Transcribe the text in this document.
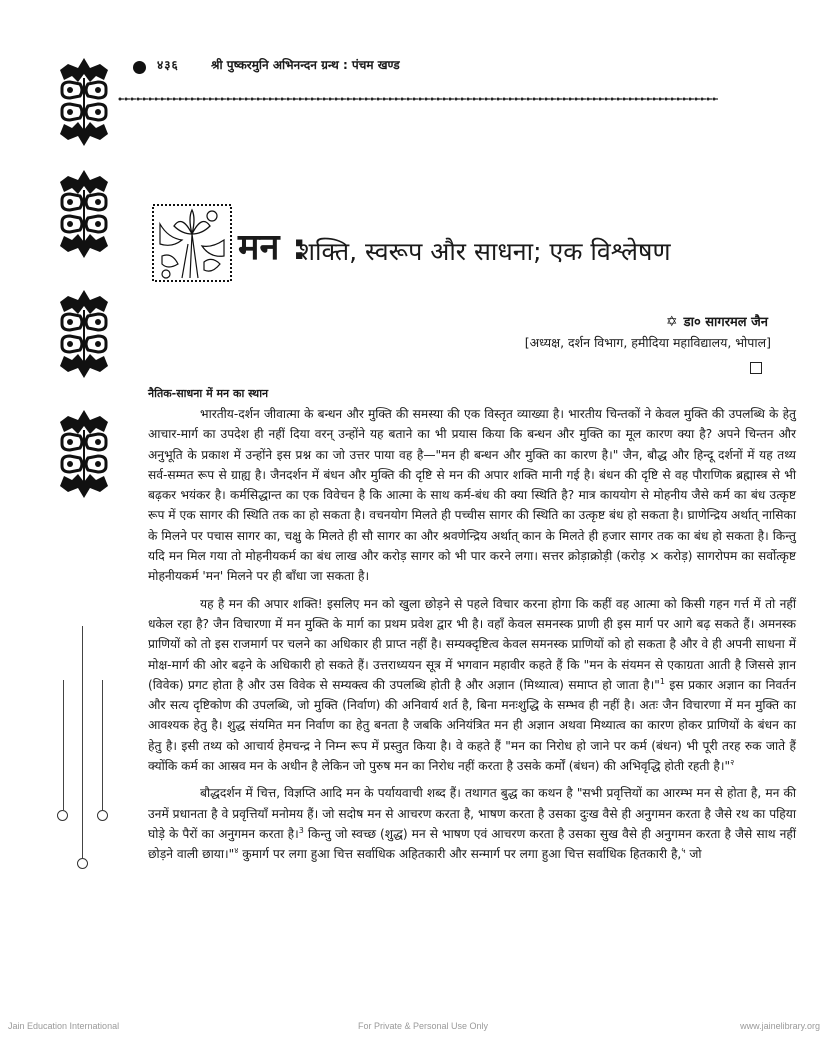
४३६	श्री पुष्करमुनि अभिनन्दन ग्रन्थ : पंचम खण्ड
मन :
शक्ति, स्वरूप और साधना; एक विश्लेषण
✡ डा० सागरमल जैन
[अध्यक्ष, दर्शन विभाग, हमीदिया महाविद्यालय, भोपाल]
नैतिक-साधना में मन का स्थान

भारतीय-दर्शन जीवात्मा के बन्धन और मुक्ति की समस्या की एक विस्तृत व्याख्या है। भारतीय चिन्तकों ने केवल मुक्ति की उपलब्धि के हेतु आचार-मार्ग का उपदेश ही नहीं दिया वरन् उन्होंने यह बताने का भी प्रयास किया कि बन्धन और मुक्ति का मूल कारण क्या है? अपने चिन्तन और अनुभूति के प्रकाश में उन्होंने इस प्रश्न का जो उत्तर पाया वह है—"मन ही बन्धन और मुक्ति का कारण है।" जैन, बौद्ध और हिन्दू दर्शनों में यह तथ्य सर्व-सम्मत रूप से ग्राह्य है। जैनदर्शन में बंधन और मुक्ति की दृष्टि से मन की अपार शक्ति मानी गई है। बंधन की दृष्टि से वह पौराणिक ब्रह्मास्त्र से भी बढ़कर भयंकर है। कर्मसिद्धान्त का एक विवेचन है कि आत्मा के साथ कर्म-बंध की क्या स्थिति है? मात्र काययोग से मोहनीय जैसे कर्म का बंध उत्कृष्ट रूप में एक सागर की स्थिति तक का हो सकता है। वचनयोग मिलते ही पच्चीस सागर की स्थिति का उत्कृष्ट बंध हो सकता है। घ्राणेन्द्रिय अर्थात् नासिका के मिलने पर पचास सागर का, चक्षु के मिलते ही सौ सागर का और श्रवणेन्द्रिय अर्थात् कान के मिलते ही हजार सागर तक का बंध हो सकता है। किन्तु यदि मन मिल गया तो मोहनीयकर्म का बंध लाख और करोड़ सागर को भी पार करने लगा। सत्तर क्रोड़ाक्रोड़ी (करोड़ × करोड़) सागरोपम का सर्वोत्कृष्ट मोहनीयकर्म 'मन' मिलने पर ही बाँधा जा सकता है।

यह है मन की अपार शक्ति! इसलिए मन को खुला छोड़ने से पहले विचार करना होगा कि कहीं वह आत्मा को किसी गहन गर्त्त में तो नहीं धकेल रहा है? जैन विचारणा में मन मुक्ति के मार्ग का प्रथम प्रवेश द्वार भी है। वहाँ केवल समनस्क प्राणी ही इस मार्ग पर आगे बढ़ सकते हैं। अमनस्क प्राणियों को तो इस राजमार्ग पर चलने का अधिकार ही प्राप्त नहीं है। सम्यक्दृष्टित्व केवल समनस्क प्राणियों को हो सकता है और वे ही अपनी साधना में मोक्ष-मार्ग की ओर बढ़ने के अधिकारी हो सकते हैं। उत्तराध्ययन सूत्र में भगवान महावीर कहते हैं कि "मन के संयमन से एकाग्रता आती है जिससे ज्ञान (विवेक) प्रगट होता है और उस विवेक से सम्यक्त्व की उपलब्धि होती है और अज्ञान (मिथ्यात्व) समाप्त हो जाता है।"$^1$ इस प्रकार अज्ञान का निवर्तन और सत्य दृष्टिकोण की उपलब्धि, जो मुक्ति (निर्वाण) की अनिवार्य शर्त है, बिना मनःशुद्धि के सम्भव ही नहीं है। अतः जैन विचारणा में मन मुक्ति का आवश्यक हेतु है। शुद्ध संयमित मन निर्वाण का हेतु बनता है जबकि अनियंत्रित मन ही अज्ञान अथवा मिथ्यात्व का कारण होकर प्राणियों के बंधन का हेतु है। इसी तथ्य को आचार्य हेमचन्द्र ने निम्न रूप में प्रस्तुत किया है। वे कहते हैं "मन का निरोध हो जाने पर कर्म (बंधन) भी पूरी तरह रुक जाते हैं क्योंकि कर्म का आस्रव मन के अधीन है लेकिन जो पुरुष मन का निरोध नहीं करता है उसके कर्मों (बंधन) की अभिवृद्धि होती रहती है।"$^२$

बौद्धदर्शन में चित्त, विज्ञप्ति आदि मन के पर्यायवाची शब्द हैं। तथागत बुद्ध का कथन है "सभी प्रवृत्तियों का आरम्भ मन से होता है, मन की उनमें प्रधानता है वे प्रवृत्तियाँ मनोमय हैं। जो सदोष मन से आचरण करता है, भाषण करता है उसका दुःख वैसे ही अनुगमन करता है जैसे रथ का पहिया घोड़े के पैरों का अनुगमन करता है।$^3$ किन्तु जो स्वच्छ (शुद्ध) मन से भाषण एवं आचरण करता है उसका सुख वैसे ही अनुगमन करता है जैसे साथ नहीं छोड़ने वाली छाया।"$^४$ कुमार्ग पर लगा हुआ चित्त सर्वाधिक अहितकारी और सन्मार्ग पर लगा हुआ चित्त सर्वाधिक हितकारी है,$^५$ जो

Jain Education International	For Private & Personal Use Only	www.jainelibrary.org
